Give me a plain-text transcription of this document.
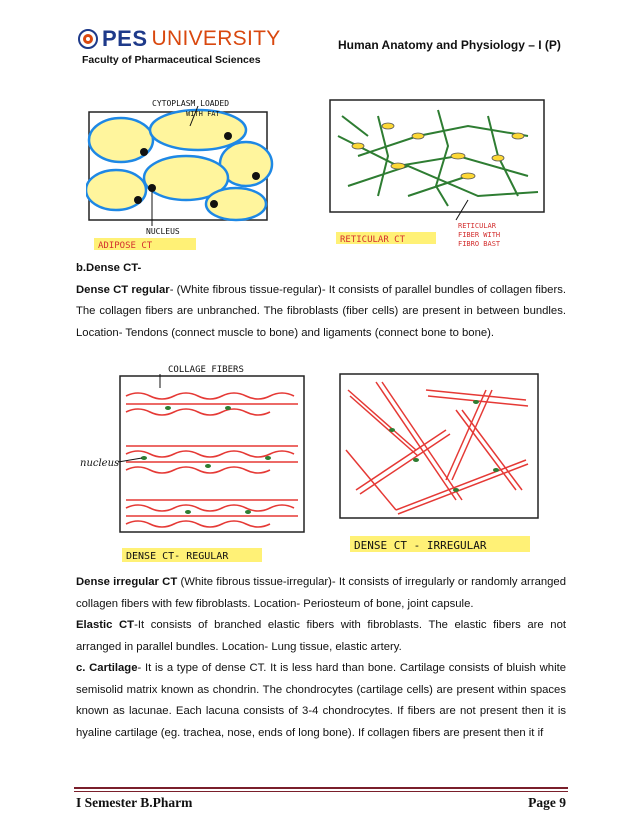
PES UNIVERSITY
Faculty of Pharmaceutical Sciences
Human Anatomy and Physiology – I (P)
CYTOPLASM LOADED
WITH FAT
NUCLEUS
ADIPOSE CT
RETICULAR CT
RETICULAR
FIBER WITH
FIBRO BAST

b.Dense CT-

Dense CT regular- (White fibrous tissue-regular)- It consists of parallel bundles of collagen fibers. The collagen fibers are unbranched. The fibroblasts (fiber cells) are present in between bundles. Location- Tendons (connect muscle to bone) and ligaments (connect bone to bone).

COLLAGE FIBERS
nucleus
DENSE CT- REGULAR
DENSE CT - IRREGULAR

Dense irregular CT (White fibrous tissue-irregular)- It consists of irregularly or randomly arranged collagen fibers with few fibroblasts. Location- Periosteum of bone, joint capsule.

Elastic CT-It consists of branched elastic fibers with fibroblasts. The elastic fibers are not arranged in parallel bundles. Location- Lung tissue, elastic artery.

c. Cartilage- It is a type of dense CT. It is less hard than bone. Cartilage consists of bluish white semisolid matrix known as chondrin. The chondrocytes (cartilage cells) are present within spaces known as lacunae. Each lacuna consists of 3-4 chondrocytes. If fibers are not present then it is hyaline cartilage (eg. trachea, nose, ends of long bone). If collagen fibers are present then it if

I Semester B.Pharm	Page 9
